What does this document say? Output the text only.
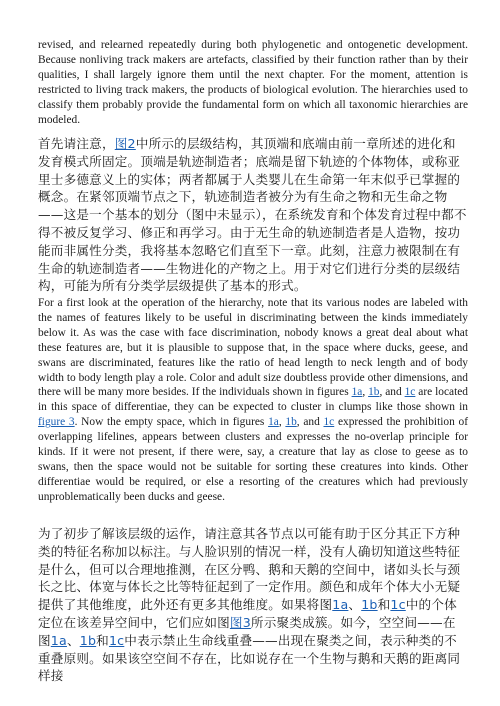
revised, and relearned repeatedly during both phylogenetic and ontogenetic development. Because nonliving track makers are artefacts, classified by their function rather than by their qualities, I shall largely ignore them until the next chapter. For the moment, attention is restricted to living track makers, the products of biological evolution. The hierarchies used to classify them probably provide the fundamental form on which all taxonomic hierarchies are modeled.

首先请注意，图2中所示的层级结构，其顶端和底端由前一章所述的进化和发育模式所固定。顶端是轨迹制造者；底端是留下轨迹的个体物体，或称亚里士多德意义上的实体；两者都属于人类婴儿在生命第一年末似乎已掌握的概念。在紧邻顶端节点之下，轨迹制造者被分为有生命之物和无生命之物——这是一个基本的划分（图中未显示），在系统发育和个体发育过程中都不得不被反复学习、修正和再学习。由于无生命的轨迹制造者是人造物，按功能而非属性分类，我将基本忽略它们直至下一章。此刻，注意力被限制在有生命的轨迹制造者——生物进化的产物之上。用于对它们进行分类的层级结构，可能为所有分类学层级提供了基本的形式。

For a first look at the operation of the hierarchy, note that its various nodes are labeled with the names of features likely to be useful in discriminating between the kinds immediately below it. As was the case with face discrimination, nobody knows a great deal about what these features are, but it is plausible to suppose that, in the space where ducks, geese, and swans are discriminated, features like the ratio of head length to neck length and of body width to body length play a role. Color and adult size doubtless provide other dimensions, and there will be many more besides. If the individuals shown in figures 1a, 1b, and 1c are located in this space of differentiae, they can be expected to cluster in clumps like those shown in figure 3. Now the empty space, which in figures 1a, 1b, and 1c expressed the prohibition of overlapping lifelines, appears between clusters and expresses the no-overlap principle for kinds. If it were not present, if there were, say, a creature that lay as close to geese as to swans, then the space would not be suitable for sorting these creatures into kinds. Other differentiae would be required, or else a resorting of the creatures which had previously unproblematically been ducks and geese.

为了初步了解该层级的运作，请注意其各节点以可能有助于区分其正下方种类的特征名称加以标注。与人脸识别的情况一样，没有人确切知道这些特征是什么，但可以合理地推测，在区分鸭、鹅和天鹅的空间中，诸如头长与颈长之比、体宽与体长之比等特征起到了一定作用。颜色和成年个体大小无疑提供了其他维度，此外还有更多其他维度。如果将图1a、1b和1c中的个体定位在该差异空间中，它们应如图图3所示聚类成簇。如今，空空间——在图1a、1b和1c中表示禁止生命线重叠——出现在聚类之间，表示种类的不重叠原则。如果该空空间不存在，比如说存在一个生物与鹅和天鹅的距离同样接
